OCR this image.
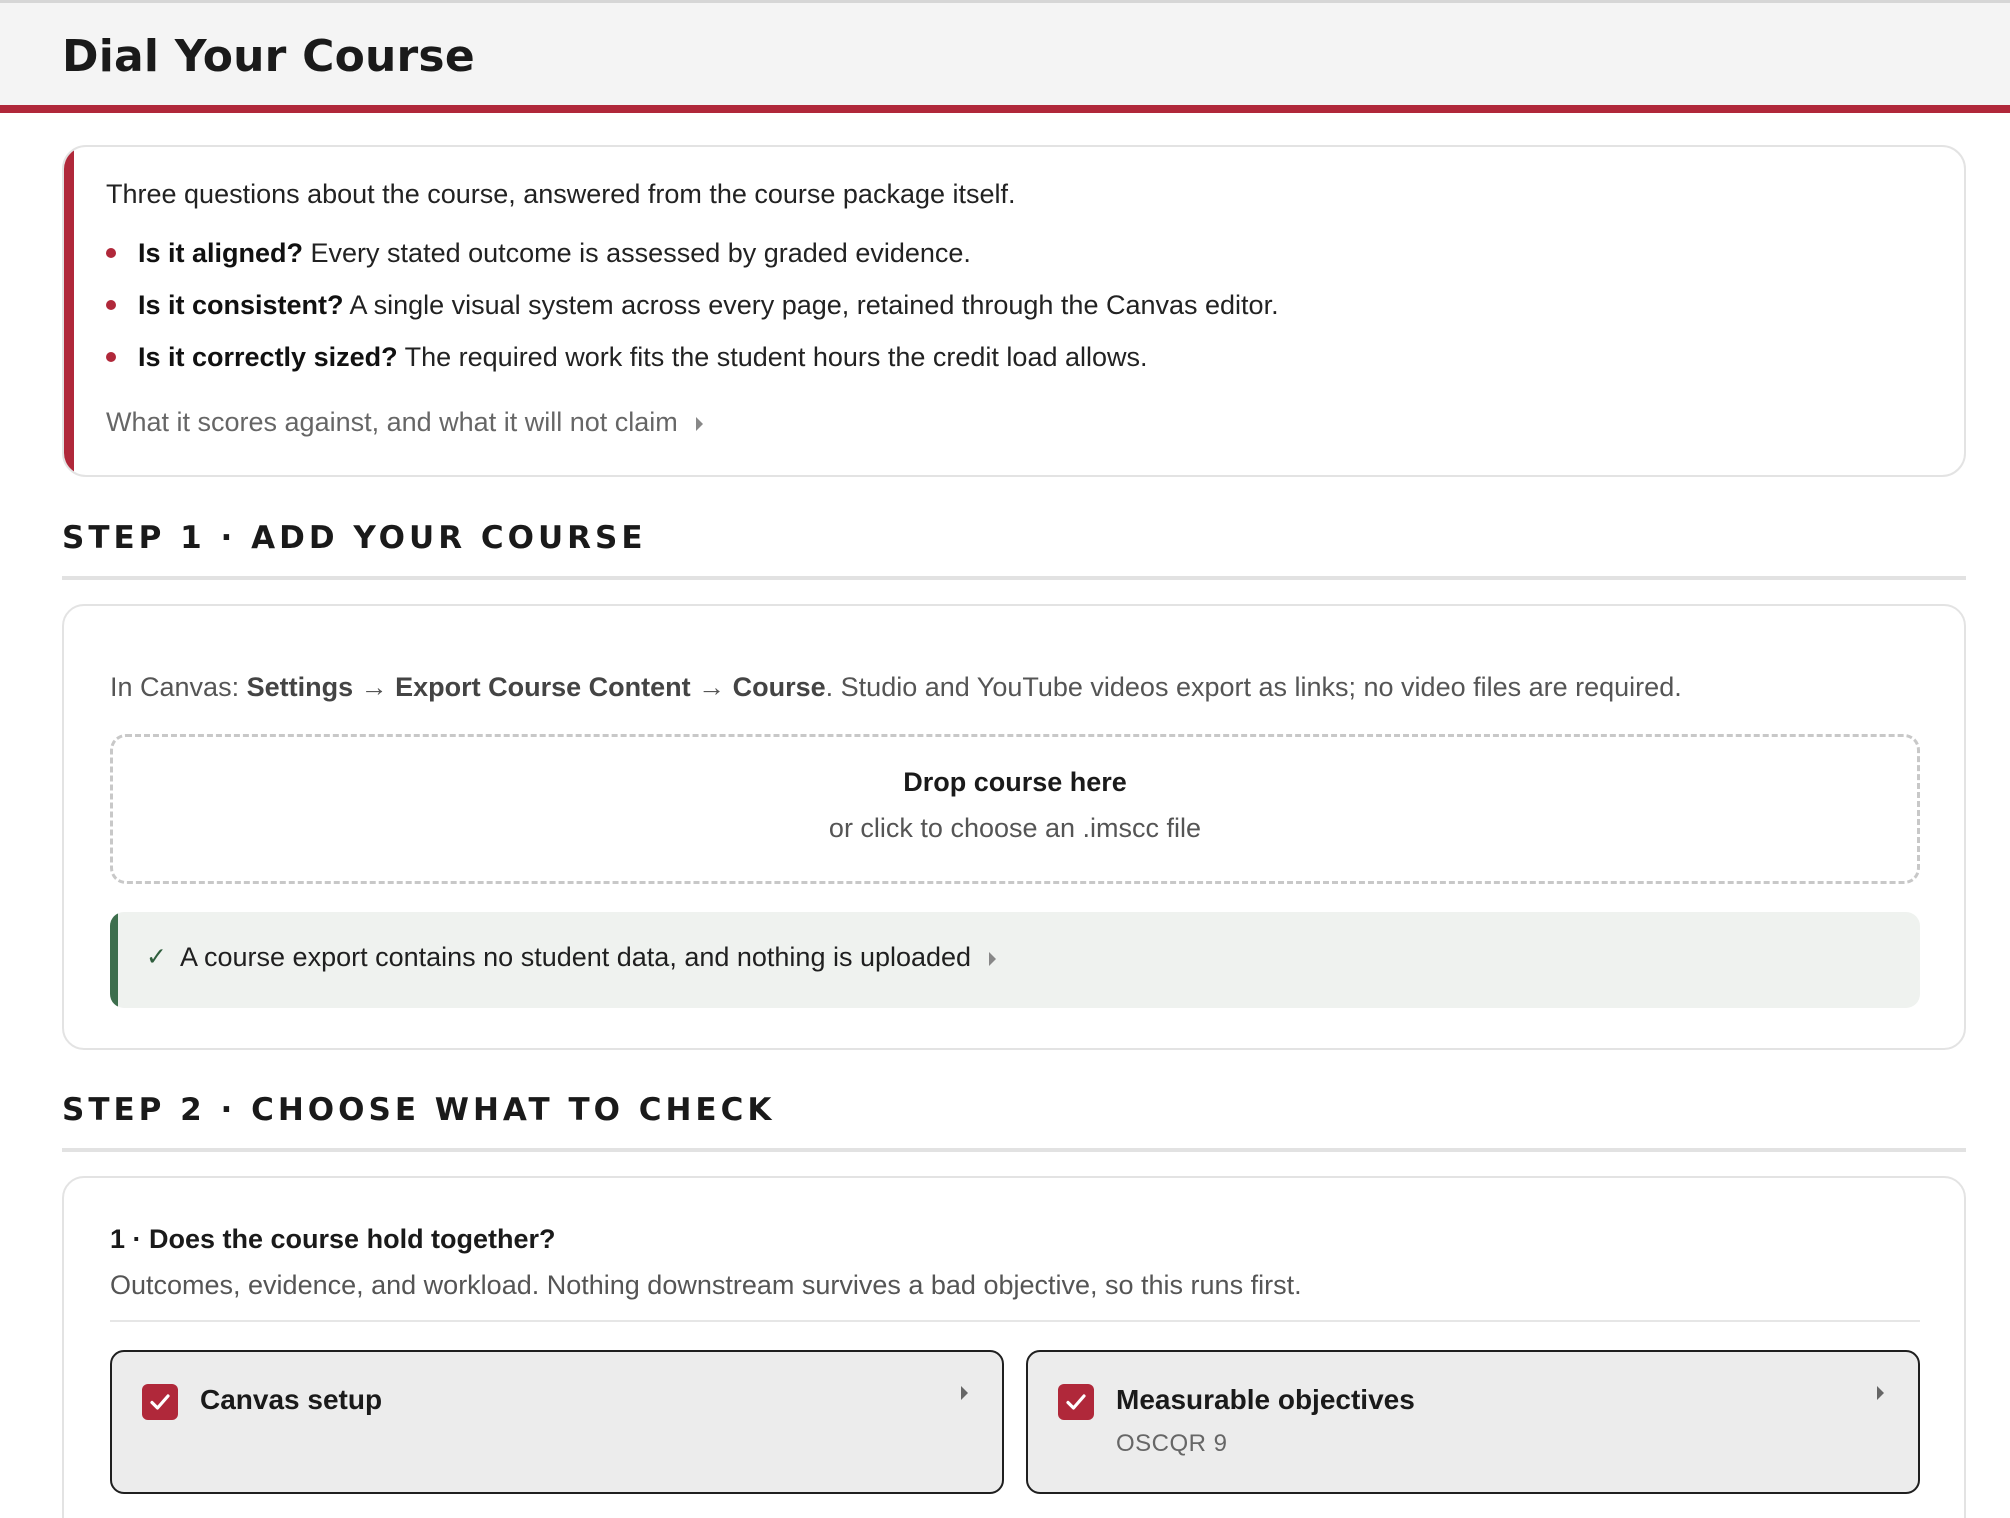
Dial Your Course

Three questions about the course, answered from the course package itself.

Is it aligned? Every stated outcome is assessed by graded evidence.
Is it consistent? A single visual system across every page, retained through the Canvas editor.
Is it correctly sized? The required work fits the student hours the credit load allows.
What it scores against, and what it will not claim
STEP 1 · ADD YOUR COURSE

In Canvas: Settings → Export Course Content → Course. Studio and YouTube videos export as links; no video files are required.

Drop course here
or click to choose an .imscc file
✓ A course export contains no student data, and nothing is uploaded
STEP 2 · CHOOSE WHAT TO CHECK
1 · Does the course hold together?
Outcomes, evidence, and workload. Nothing downstream survives a bad objective, so this runs first.
Canvas setup	Measurable objectives
OSCQR 9
